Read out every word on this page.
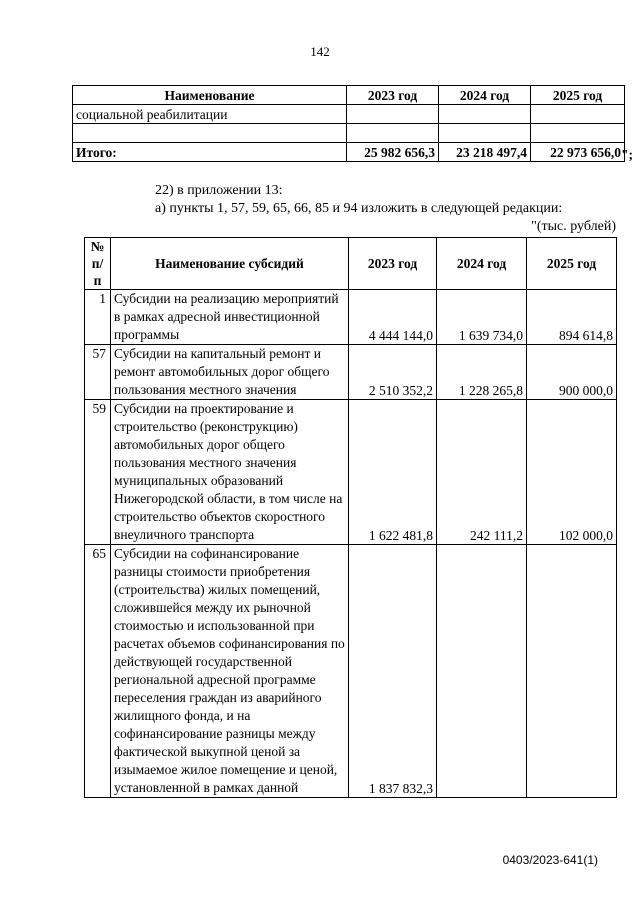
142
Наименование	2023 год	2024 год	2025 год
социальной реабилитации			

Итого:	25 982 656,3	23 218 497,4	22 973 656,0 ";
22) в приложении 13:
а) пункты 1, 57, 59, 65, 66, 85 и 94 изложить в следующей редакции:
"(тыс. рублей)
№ п/п	Наименование субсидий	2023 год	2024 год	2025 год
1	Субсидии на реализацию мероприятий в рамках адресной инвестиционной программы	4 444 144,0	1 639 734,0	894 614,8
57	Субсидии на капитальный ремонт и ремонт автомобильных дорог общего пользования местного значения	2 510 352,2	1 228 265,8	900 000,0
59	Субсидии на проектирование и строительство (реконструкцию) автомобильных дорог общего пользования местного значения муниципальных образований Нижегородской области, в том числе на строительство объектов скоростного внеуличного транспорта	1 622 481,8	242 111,2	102 000,0
65	Субсидии на софинансирование разницы стоимости приобретения (строительства) жилых помещений, сложившейся между их рыночной стоимостью и использованной при расчетах объемов софинансирования по действующей государственной региональной адресной программе переселения граждан из аварийного жилищного фонда, и на софинансирование разницы между фактической выкупной ценой за изымаемое жилое помещение и ценой, установленной в рамках данной	1 837 832,3		
0403/2023-641(1)
